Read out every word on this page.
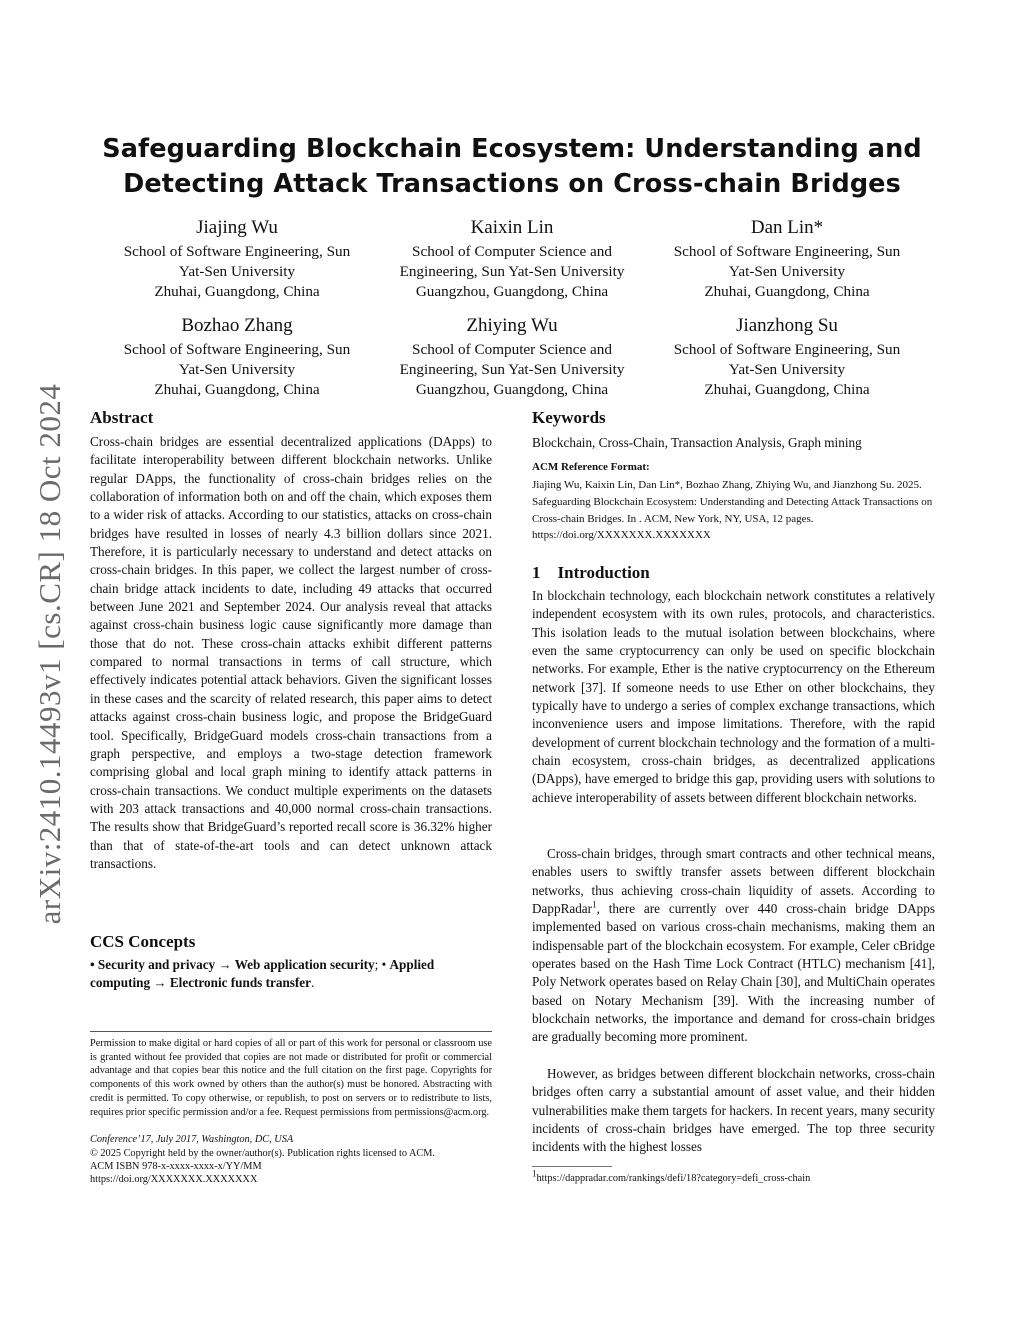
arXiv:2410.14493v1 [cs.CR] 18 Oct 2024
Safeguarding Blockchain Ecosystem: Understanding and
Detecting Attack Transactions on Cross-chain Bridges
Jiajing Wu
School of Software Engineering, Sun
Yat-Sen University
Zhuhai, Guangdong, China
Kaixin Lin
School of Computer Science and
Engineering, Sun Yat-Sen University
Guangzhou, Guangdong, China
Dan Lin*
School of Software Engineering, Sun
Yat-Sen University
Zhuhai, Guangdong, China
Bozhao Zhang
School of Software Engineering, Sun
Yat-Sen University
Zhuhai, Guangdong, China
Zhiying Wu
School of Computer Science and
Engineering, Sun Yat-Sen University
Guangzhou, Guangdong, China
Jianzhong Su
School of Software Engineering, Sun
Yat-Sen University
Zhuhai, Guangdong, China
Abstract

Cross-chain bridges are essential decentralized applications (DApps) to facilitate interoperability between different blockchain networks. Unlike regular DApps, the functionality of cross-chain bridges relies on the collaboration of information both on and off the chain, which exposes them to a wider risk of attacks. According to our statistics, attacks on cross-chain bridges have resulted in losses of nearly 4.3 billion dollars since 2021. Therefore, it is particularly necessary to understand and detect attacks on cross-chain bridges. In this paper, we collect the largest number of cross-chain bridge attack incidents to date, including 49 attacks that occurred between June 2021 and September 2024. Our analysis reveal that attacks against cross-chain business logic cause significantly more damage than those that do not. These cross-chain attacks exhibit different patterns compared to normal transactions in terms of call structure, which effectively indicates potential attack behaviors. Given the significant losses in these cases and the scarcity of related research, this paper aims to detect attacks against cross-chain business logic, and propose the BridgeGuard tool. Specifically, BridgeGuard models cross-chain transactions from a graph perspective, and employs a two-stage detection framework comprising global and local graph mining to identify attack patterns in cross-chain transactions. We conduct multiple experiments on the datasets with 203 attack transactions and 40,000 normal cross-chain transactions. The results show that BridgeGuard’s reported recall score is 36.32% higher than that of state-of-the-art tools and can detect unknown attack transactions.

CCS Concepts

• Security and privacy → Web application security; • Applied computing → Electronic funds transfer.

Permission to make digital or hard copies of all or part of this work for personal or classroom use is granted without fee provided that copies are not made or distributed for profit or commercial advantage and that copies bear this notice and the full citation on the first page. Copyrights for components of this work owned by others than the author(s) must be honored. Abstracting with credit is permitted. To copy otherwise, or republish, to post on servers or to redistribute to lists, requires prior specific permission and/or a fee. Request permissions from permissions@acm.org.

Conference’17, July 2017, Washington, DC, USA

© 2025 Copyright held by the owner/author(s). Publication rights licensed to ACM.

ACM ISBN 978-x-xxxx-xxxx-x/YY/MM

https://doi.org/XXXXXXX.XXXXXXX

Keywords

Blockchain, Cross-Chain, Transaction Analysis, Graph mining

ACM Reference Format:

Jiajing Wu, Kaixin Lin, Dan Lin*, Bozhao Zhang, Zhiying Wu, and Jianzhong Su. 2025. Safeguarding Blockchain Ecosystem: Understanding and Detecting Attack Transactions on Cross-chain Bridges. In . ACM, New York, NY, USA, 12 pages. https://doi.org/XXXXXXX.XXXXXXX

1    Introduction

In blockchain technology, each blockchain network constitutes a relatively independent ecosystem with its own rules, protocols, and characteristics. This isolation leads to the mutual isolation between blockchains, where even the same cryptocurrency can only be used on specific blockchain networks. For example, Ether is the native cryptocurrency on the Ethereum network [37]. If someone needs to use Ether on other blockchains, they typically have to undergo a series of complex exchange transactions, which inconvenience users and impose limitations. Therefore, with the rapid development of current blockchain technology and the formation of a multi-chain ecosystem, cross-chain bridges, as decentralized applications (DApps), have emerged to bridge this gap, providing users with solutions to achieve interoperability of assets between different blockchain networks.

Cross-chain bridges, through smart contracts and other technical means, enables users to swiftly transfer assets between different blockchain networks, thus achieving cross-chain liquidity of assets. According to DappRadar$^1$, there are currently over 440 cross-chain bridge DApps implemented based on various cross-chain mechanisms, making them an indispensable part of the blockchain ecosystem. For example, Celer cBridge operates based on the Hash Time Lock Contract (HTLC) mechanism [41], Poly Network operates based on Relay Chain [30], and MultiChain operates based on Notary Mechanism [39]. With the increasing number of blockchain networks, the importance and demand for cross-chain bridges are gradually becoming more prominent.

However, as bridges between different blockchain networks, cross-chain bridges often carry a substantial amount of asset value, and their hidden vulnerabilities make them targets for hackers. In recent years, many security incidents of cross-chain bridges have emerged. The top three security incidents with the highest losses

$^1$https://dappradar.com/rankings/defi/18?category=defi_cross-chain
